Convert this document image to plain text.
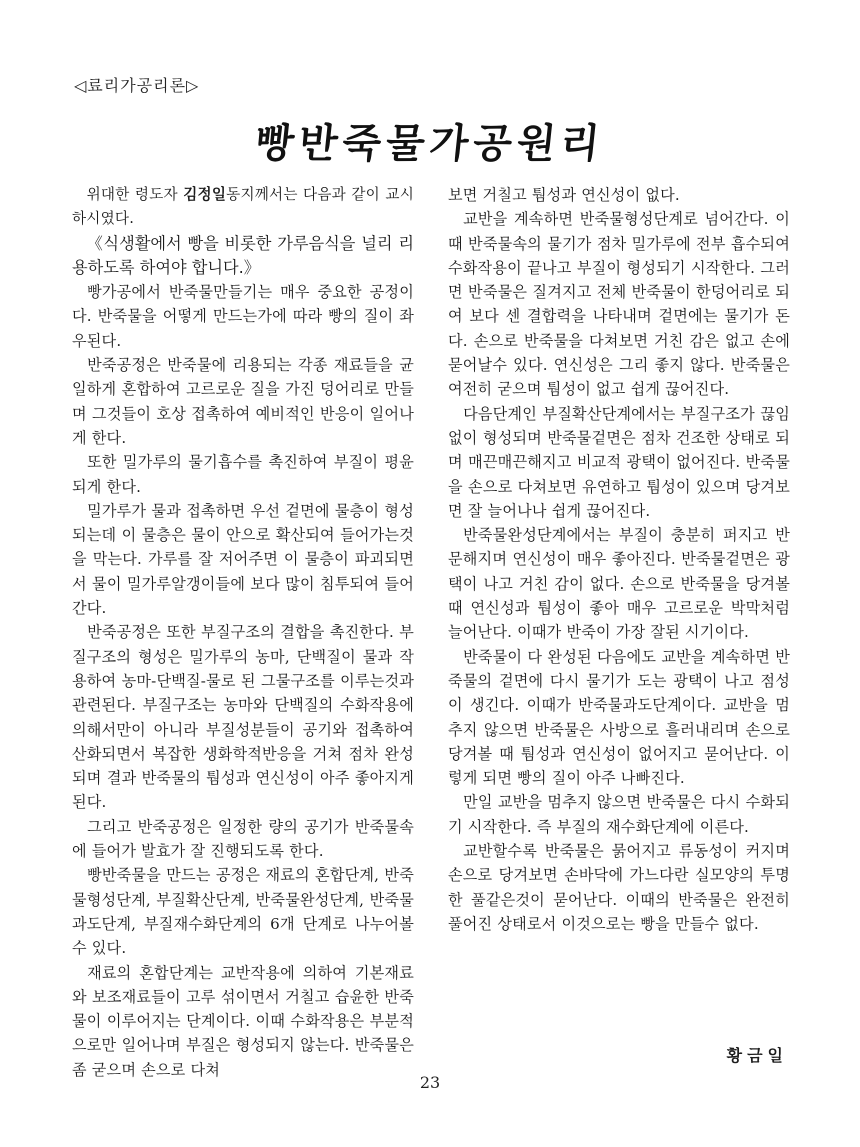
◁료리가공리론▷
빵반죽물가공원리

위대한 령도자 김정일동지께서는 다음과 같이 교시하시였다.

《식생활에서 빵을 비롯한 가루음식을 널리 리용하도록 하여야 합니다.》

빵가공에서 반죽물만들기는 매우 중요한 공정이다. 반죽물을 어떻게 만드는가에 따라 빵의 질이 좌우된다.

반죽공정은 반죽물에 리용되는 각종 재료들을 균일하게 혼합하여 고르로운 질을 가진 덩어리로 만들며 그것들이 호상 접촉하여 예비적인 반응이 일어나게 한다.

또한 밀가루의 물기흡수를 촉진하여 부질이 평윤되게 한다.

밀가루가 물과 접촉하면 우선 겉면에 물층이 형성되는데 이 물층은 물이 안으로 확산되여 들어가는것을 막는다. 가루를 잘 저어주면 이 물층이 파괴되면서 물이 밀가루알갱이들에 보다 많이 침투되여 들어간다.

반죽공정은 또한 부질구조의 결합을 촉진한다. 부질구조의 형성은 밀가루의 농마, 단백질이 물과 작용하여 농마-단백질-물로 된 그물구조를 이루는것과 관련된다. 부질구조는 농마와 단백질의 수화작용에 의해서만이 아니라 부질성분들이 공기와 접촉하여 산화되면서 복잡한 생화학적반응을 거쳐 점차 완성되며 결과 반죽물의 퉘성과 연신성이 아주 좋아지게 된다.

그리고 반죽공정은 일정한 량의 공기가 반죽물속에 들어가 발효가 잘 진행되도록 한다.

빵반죽물을 만드는 공정은 재료의 혼합단계, 반죽물형성단계, 부질확산단계, 반죽물완성단계, 반죽물과도단계, 부질재수화단계의 6개 단계로 나누어볼수 있다.

재료의 혼합단계는 교반작용에 의하여 기본재료와 보조재료들이 고루 섞이면서 거칠고 습윤한 반죽물이 이루어지는 단계이다. 이때 수화작용은 부분적으로만 일어나며 부질은 형성되지 않는다. 반죽물은 좀 굳으며 손으로 다쳐

보면 거칠고 퉘성과 연신성이 없다.

교반을 계속하면 반죽물형성단계로 넘어간다. 이때 반죽물속의 물기가 점차 밀가루에 전부 흡수되여 수화작용이 끝나고 부질이 형성되기 시작한다. 그러면 반죽물은 질겨지고 전체 반죽물이 한덩어리로 되여 보다 센 결합력을 나타내며 겉면에는 물기가 돈다. 손으로 반죽물을 다쳐보면 거친 감은 없고 손에 묻어날수 있다. 연신성은 그리 좋지 않다. 반죽물은 여전히 굳으며 퉘성이 없고 쉽게 끊어진다.

다음단계인 부질확산단계에서는 부질구조가 끊임없이 형성되며 반죽물겉면은 점차 건조한 상태로 되며 매끈매끈해지고 비교적 광택이 없어진다. 반죽물을 손으로 다쳐보면 유연하고 퉘성이 있으며 당겨보면 잘 늘어나나 쉽게 끊어진다.

반죽물완성단계에서는 부질이 충분히 퍼지고 반문해지며 연신성이 매우 좋아진다. 반죽물겉면은 광택이 나고 거친 감이 없다. 손으로 반죽물을 당겨볼 때 연신성과 퉘성이 좋아 매우 고르로운 박막처럼 늘어난다. 이때가 반죽이 가장 잘된 시기이다.

반죽물이 다 완성된 다음에도 교반을 계속하면 반죽물의 겉면에 다시 물기가 도는 광택이 나고 점성이 생긴다. 이때가 반죽물과도단계이다. 교반을 멈추지 않으면 반죽물은 사방으로 흘러내리며 손으로 당겨볼 때 퉘성과 연신성이 없어지고 묻어난다. 이렇게 되면 빵의 질이 아주 나빠진다.

만일 교반을 멈추지 않으면 반죽물은 다시 수화되기 시작한다. 즉 부질의 재수화단계에 이른다.

교반할수록 반죽물은 묽어지고 류동성이 커지며 손으로 당겨보면 손바닥에 가느다란 실모양의 투명한 풀같은것이 묻어난다. 이때의 반죽물은 완전히 풀어진 상태로서 이것으로는 빵을 만들수 없다.

황금일
23
